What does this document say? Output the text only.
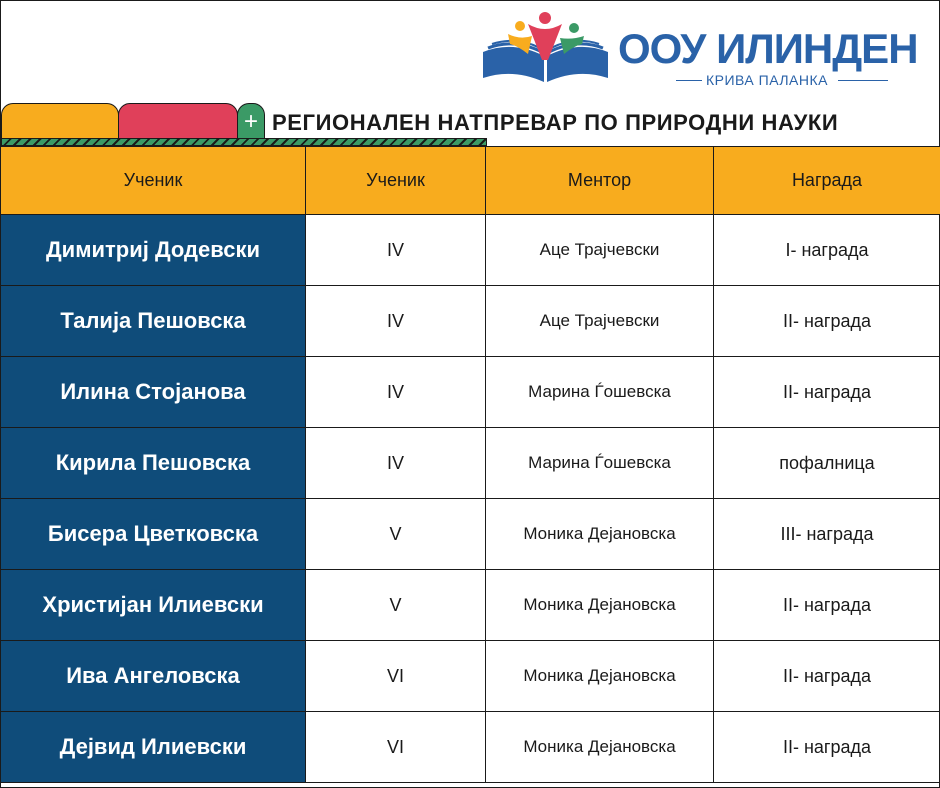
ООУ ИЛИНДЕН
КРИВА ПАЛАНКА
+ РЕГИОНАЛЕН НАТПРЕВАР ПО ПРИРОДНИ НАУКИ
Ученик	Ученик	Ментор	Награда
Димитриј Додевски	IV	Аце Трајчевски	I- награда
Талија Пешовска	IV	Аце Трајчевски	II- награда
Илина Стојанова	IV	Марина Ѓошевска	II- награда
Кирила Пешовска	IV	Марина Ѓошевска	пофалница
Бисера Цветковска	V	Моника Дејановска	III- награда
Христијан Илиевски	V	Моника Дејановска	II- награда
Ива Ангеловска	VI	Моника Дејановска	II- награда
Дејвид Илиевски	VI	Моника Дејановска	II- награда
